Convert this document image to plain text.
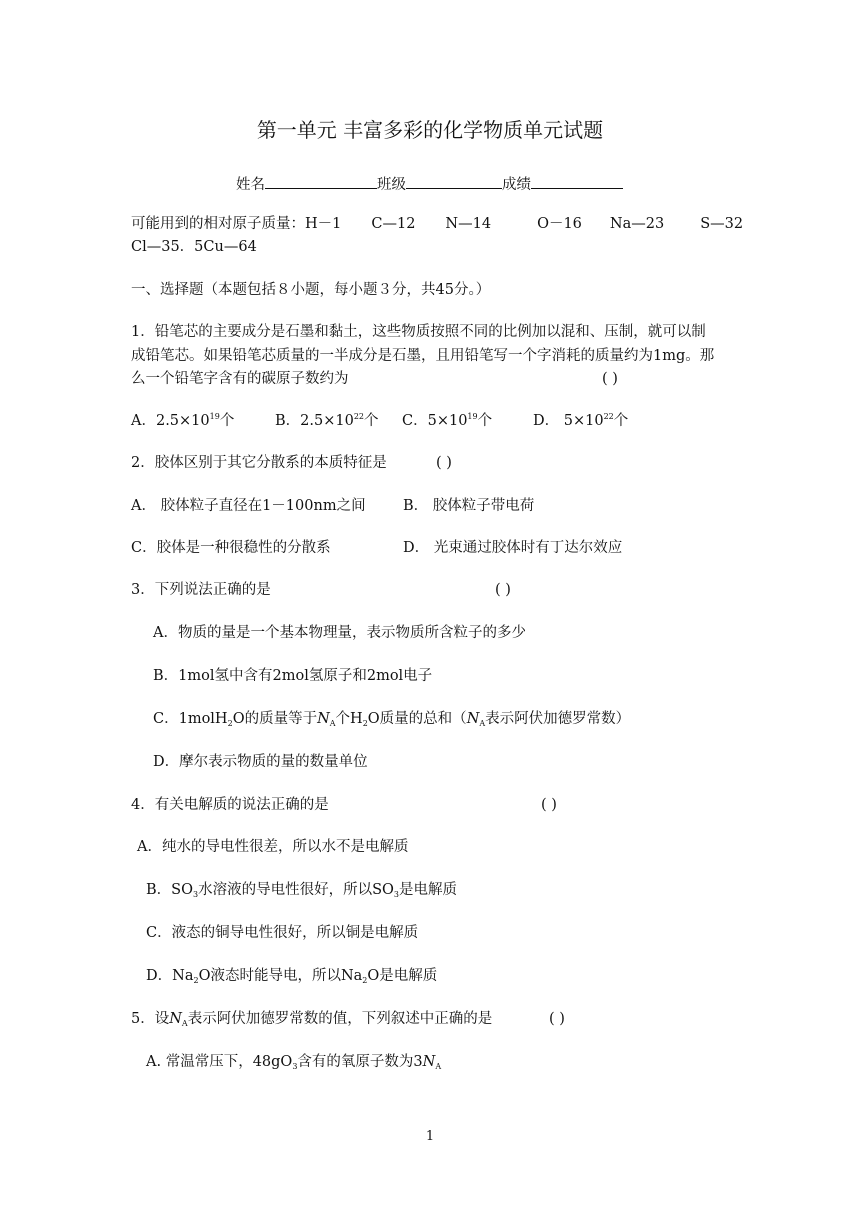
第一单元 丰富多彩的化学物质单元试题
姓名	班级	成绩
可能用到的相对原子质量：H－1 C—12 N—14	O－16 Na—23 S—32
Cl—35．5Cu—64
一、选择题（本题包括８小题，每小题３分，共45分。）
1．铅笔芯的主要成分是石墨和黏土，这些物质按照不同的比例加以混和、压制，就可以制
成铅笔芯。如果铅笔芯质量的一半成分是石墨，且用铅笔写一个字消耗的质量约为1mg。那
么一个铅笔字含有的碳原子数约为	( )
A．$2.5\times 10^{19}$个	B．$2.5\times 10^{22}$个 C．$5\times 10^{19}$个	D． $5\times 10^{22}$个
2．胶体区别于其它分散系的本质特征是	( )
A． 胶体粒子直径在1－100nm之间	B． 胶体粒子带电荷
C．胶体是一种很稳性的分散系	D． 光束通过胶体时有丁达尔效应
3．下列说法正确的是	( )
A．物质的量是一个基本物理量，表示物质所含粒子的多少
B．1mol氢中含有2mol氢原子和2mol电子
C．1molH$_2$O的质量等于$N_A$个$H_2O$质量的总和（$N_A$表示阿伏加德罗常数）
D．摩尔表示物质的量的数量单位
4．有关电解质的说法正确的是	( )
A．纯水的导电性很差，所以水不是电解质
B．$SO_3$水溶液的导电性很好，所以$SO_3$是电解质
C．液态的铜导电性很好，所以铜是电解质
D．$Na_2O$液态时能导电，所以$Na_2O$是电解质
5．设$N_A$表示阿伏加德罗常数的值，下列叙述中正确的是	( )
A. 常温常压下，$48gO_3$含有的氧原子数为$3N_A$
1
